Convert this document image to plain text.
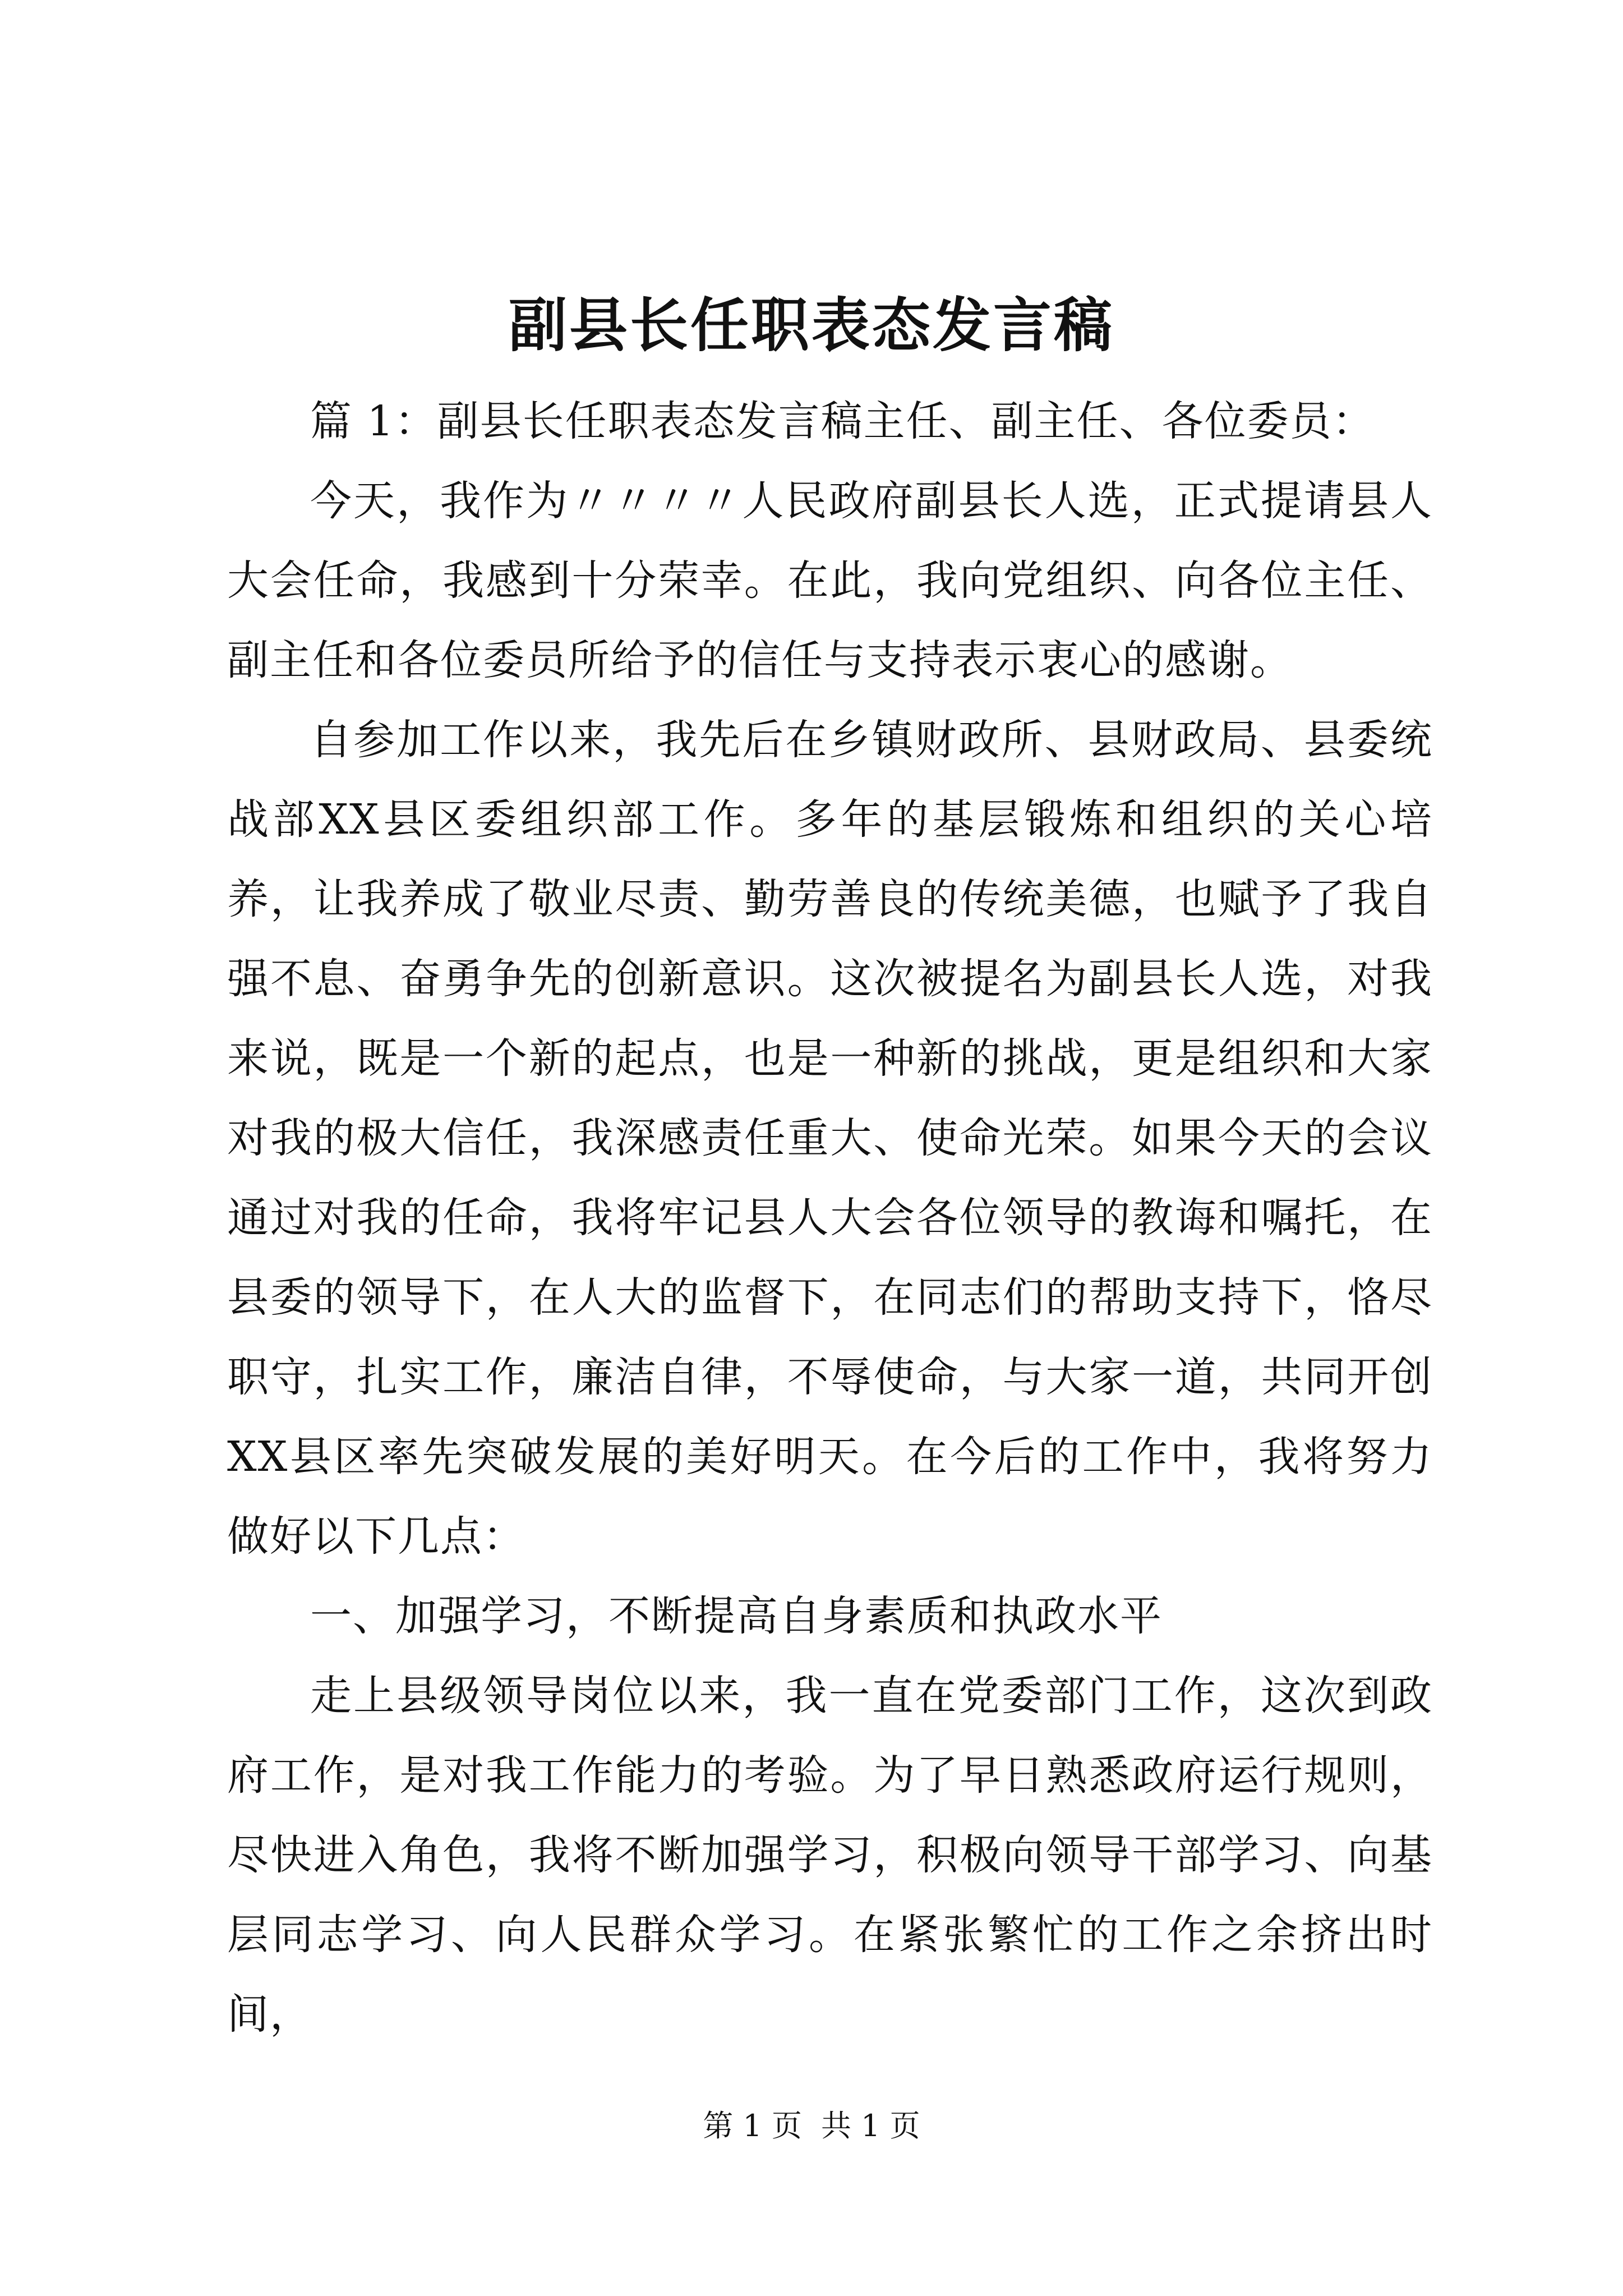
副县长任职表态发言稿

篇 1：副县长任职表态发言稿主任、副主任、各位委员：

今天，我作为〃〃〃〃人民政府副县长人选，正式提请县人大会任命，我感到十分荣幸。在此，我向党组织、向各位主任、副主任和各位委员所给予的信任与支持表示衷心的感谢。

自参加工作以来，我先后在乡镇财政所、县财政局、县委统战部XX县区委组织部工作。多年的基层锻炼和组织的关心培养，让我养成了敬业尽责、勤劳善良的传统美德，也赋予了我自强不息、奋勇争先的创新意识。这次被提名为副县长人选，对我来说，既是一个新的起点，也是一种新的挑战，更是组织和大家对我的极大信任，我深感责任重大、使命光荣。如果今天的会议通过对我的任命，我将牢记县人大会各位领导的教诲和嘱托，在县委的领导下，在人大的监督下，在同志们的帮助支持下，恪尽职守，扎实工作，廉洁自律，不辱使命，与大家一道，共同开创XX县区率先突破发展的美好明天。在今后的工作中，我将努力做好以下几点：

一、加强学习，不断提高自身素质和执政水平

走上县级领导岗位以来，我一直在党委部门工作，这次到政府工作，是对我工作能力的考验。为了早日熟悉政府运行规则，尽快进入角色，我将不断加强学习，积极向领导干部学习、向基层同志学习、向人民群众学习。在紧张繁忙的工作之余挤出时间，

第 1 页 共 1 页
